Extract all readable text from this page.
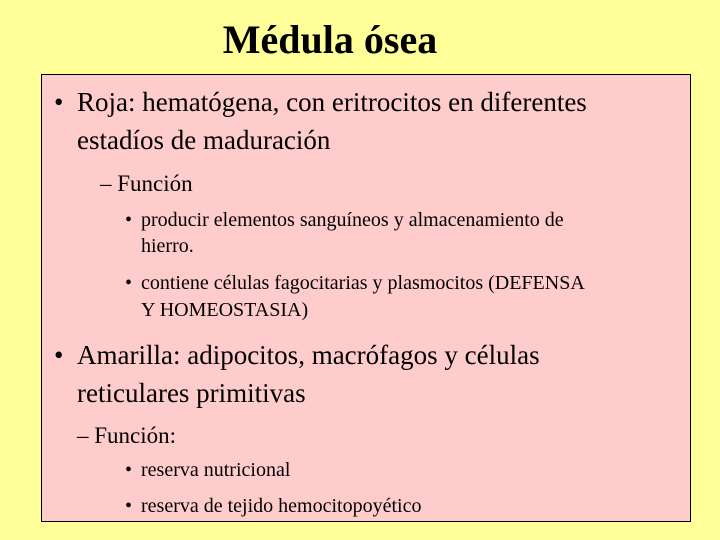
Médula ósea
• Roja: hematógena, con eritrocitos en diferentes
estadíos de maduración
– Función
• producir elementos sanguíneos y almacenamiento de
hierro.
• contiene células fagocitarias y plasmocitos (DEFENSA
Y HOMEOSTASIA)
• Amarilla: adipocitos, macrófagos y células
reticulares primitivas
– Función:
• reserva nutricional
• reserva de tejido hemocitopoyético
